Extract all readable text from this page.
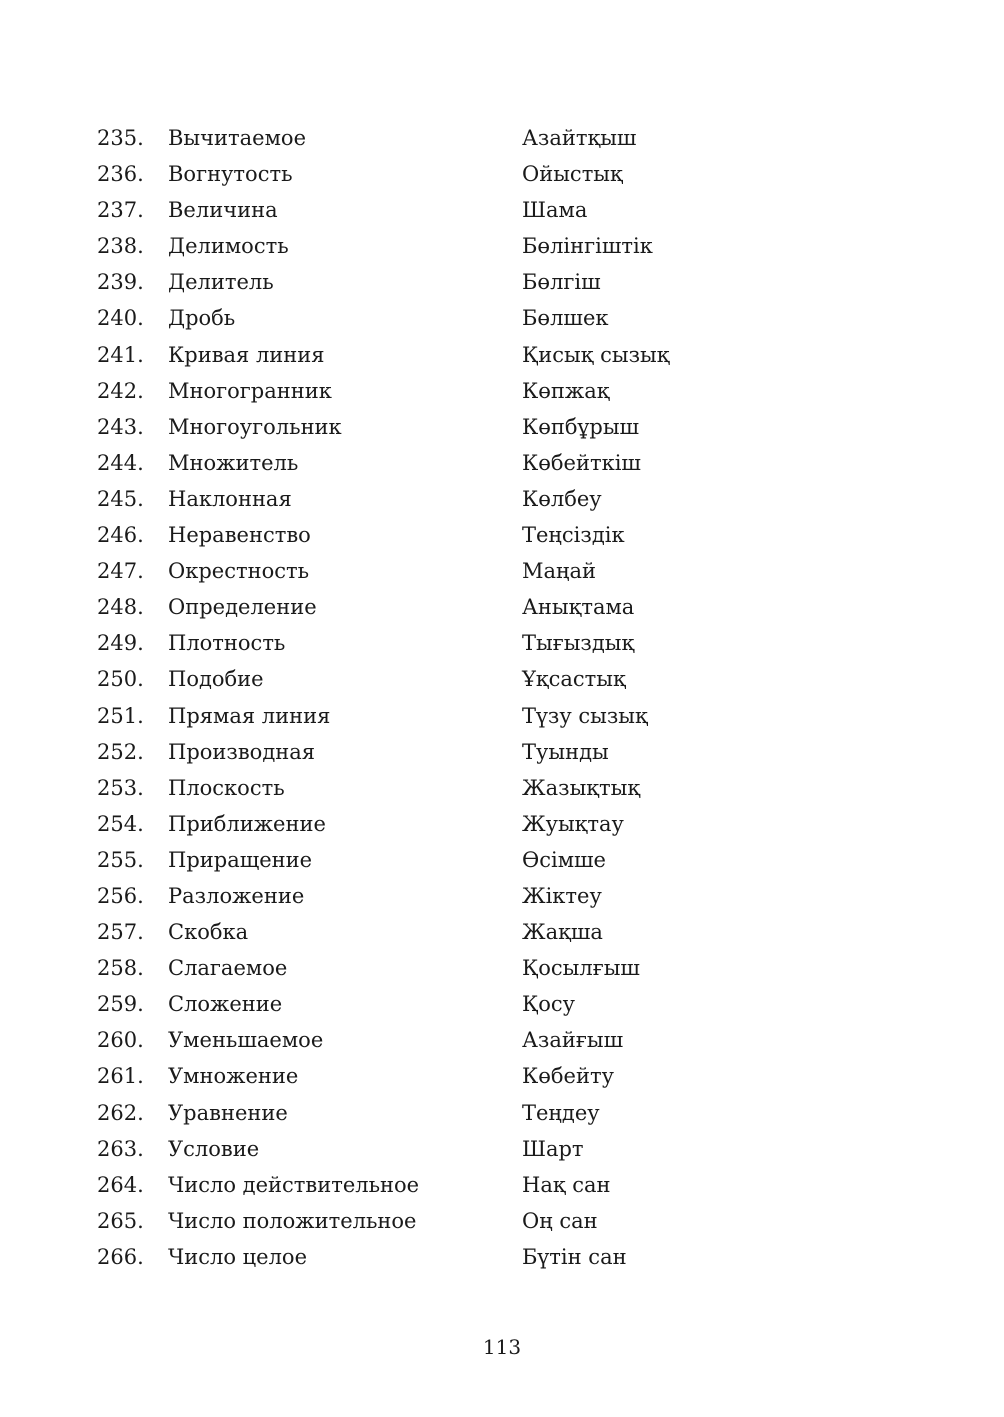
235. Вычитаемое	Азайтқыш
236. Вогнутость	Ойыстық
237. Величина	Шама
238. Делимость	Бөлінгіштік
239. Делитель	Бөлгіш
240. Дробь	Бөлшек
241. Кривая линия	Қисық сызық
242. Многогранник	Көпжақ
243. Многоугольник	Көпбұрыш
244. Множитель	Көбейткіш
245. Наклонная	Көлбеу
246. Неравенство	Теңсіздік
247. Окрестность	Маңай
248. Определение	Анықтама
249. Плотность	Тығыздық
250. Подобие	Ұқсастық
251. Прямая линия	Түзу сызық
252. Производная	Туынды
253. Плоскость	Жазықтық
254. Приближение	Жуықтау
255. Приращение	Өсімше
256. Разложение	Жіктеу
257. Скобка	Жақша
258. Слагаемое	Қосылғыш
259. Сложение	Қосу
260. Уменьшаемое	Азайғыш
261. Умножение	Көбейту
262. Уравнение	Теңдеу
263. Условие	Шарт
264. Число действительное	Нақ сан
265. Число положительное	Оң сан
266. Число целое	Бүтін сан
113
